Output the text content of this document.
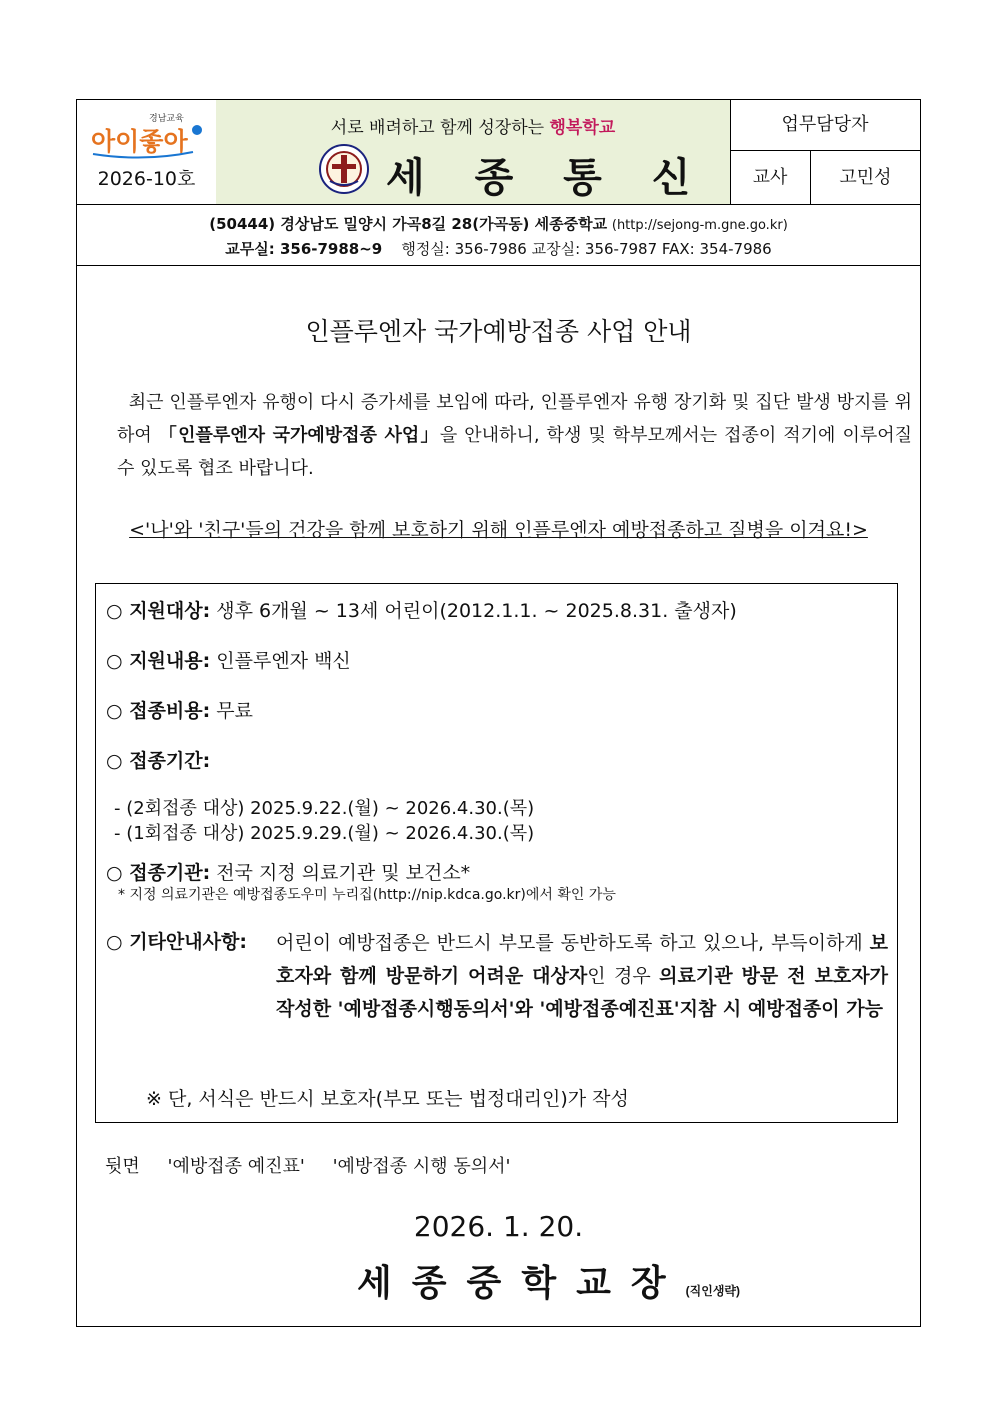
경남교육
아이좋아
2026-10호
서로 배려하고 함께 성장하는 행복학교
세 종 통 신
업무담당자
교사	고민성
(50444) 경상남도 밀양시 가곡8길 28(가곡동) 세종중학교 (http://sejong-m.gne.go.kr)
교무실: 356-7988~9 행정실: 356-7986 교장실: 356-7987 FAX: 354-7986
인플루엔자 국가예방접종 사업 안내
최근 인플루엔자 유행이 다시 증가세를 보임에 따라, 인플루엔자 유행 장기화 및 집단 발생 방지를 위하여 「인플루엔자 국가예방접종 사업」을 안내하니, 학생 및 학부모께서는 접종이 적기에 이루어질 수 있도록 협조 바랍니다.
<'나'와 '친구'들의 건강을 함께 보호하기 위해 인플루엔자 예방접종하고 질병을 이겨요!>
○ 지원대상: 생후 6개월 ~ 13세 어린이(2012.1.1. ~ 2025.8.31. 출생자)
○ 지원내용: 인플루엔자 백신
○ 접종비용: 무료
○ 접종기간:
- (2회접종 대상) 2025.9.22.(월) ~ 2026.4.30.(목)
- (1회접종 대상) 2025.9.29.(월) ~ 2026.4.30.(목)
○ 접종기관: 전국 지정 의료기관 및 보건소*
* 지정 의료기관은 예방접종도우미 누리집(http://nip.kdca.go.kr)에서 확인 가능
○ 기타안내사항: 어린이 예방접종은 반드시 부모를 동반하도록 하고 있으나, 부득이하게 보호자와 함께 방문하기 어려운 대상자인 경우 의료기관 방문 전 보호자가 작성한 '예방접종시행동의서'와 '예방접종예진표'지참 시 예방접종이 가능
※ 단, 서식은 반드시 보호자(부모 또는 법정대리인)가 작성
뒷면 '예방접종 예진표' '예방접종 시행 동의서'
2026. 1. 20.
세종중학교장(직인생략)
